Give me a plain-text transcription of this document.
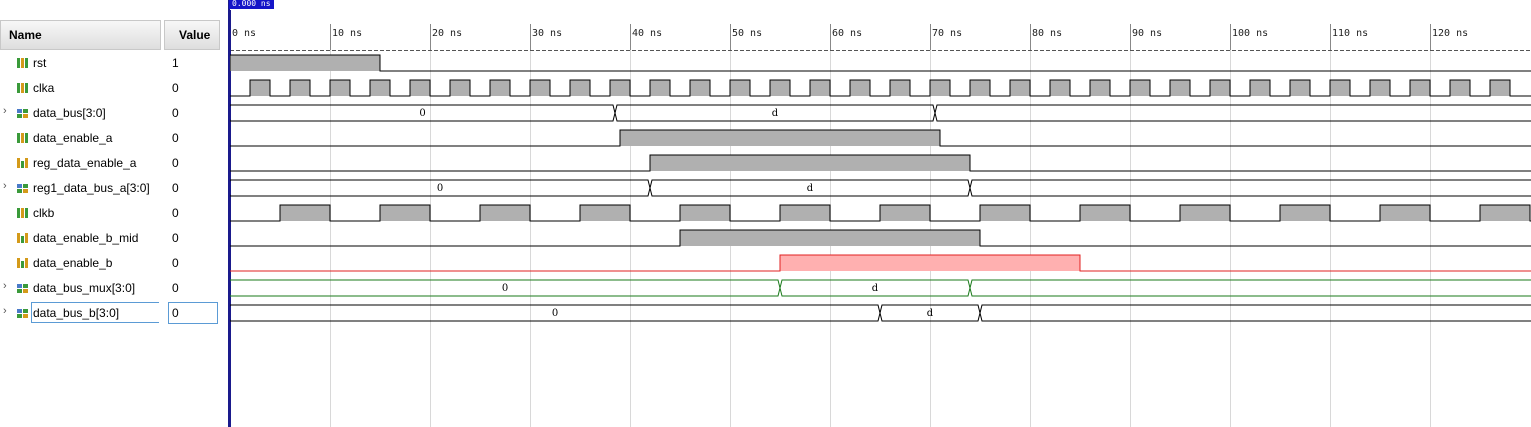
Name	Value
rst	1
clka	0
›	data_bus[3:0]	0
data_enable_a	0
reg_data_enable_a	0
›	reg1_data_bus_a[3:0] 0
clkb	0
data_enable_b_mid	0
data_enable_b	0
›	data_bus_mux[3:0]	0
›	data_bus_b[3:0]	0
0 ns	10 ns	20 ns	30 ns	40 ns	50 ns	60 ns	70 ns	80 ns	90 ns	100 ns	110 ns	120 ns
0	d
0	d
0	d
0	d
0.000 ns
